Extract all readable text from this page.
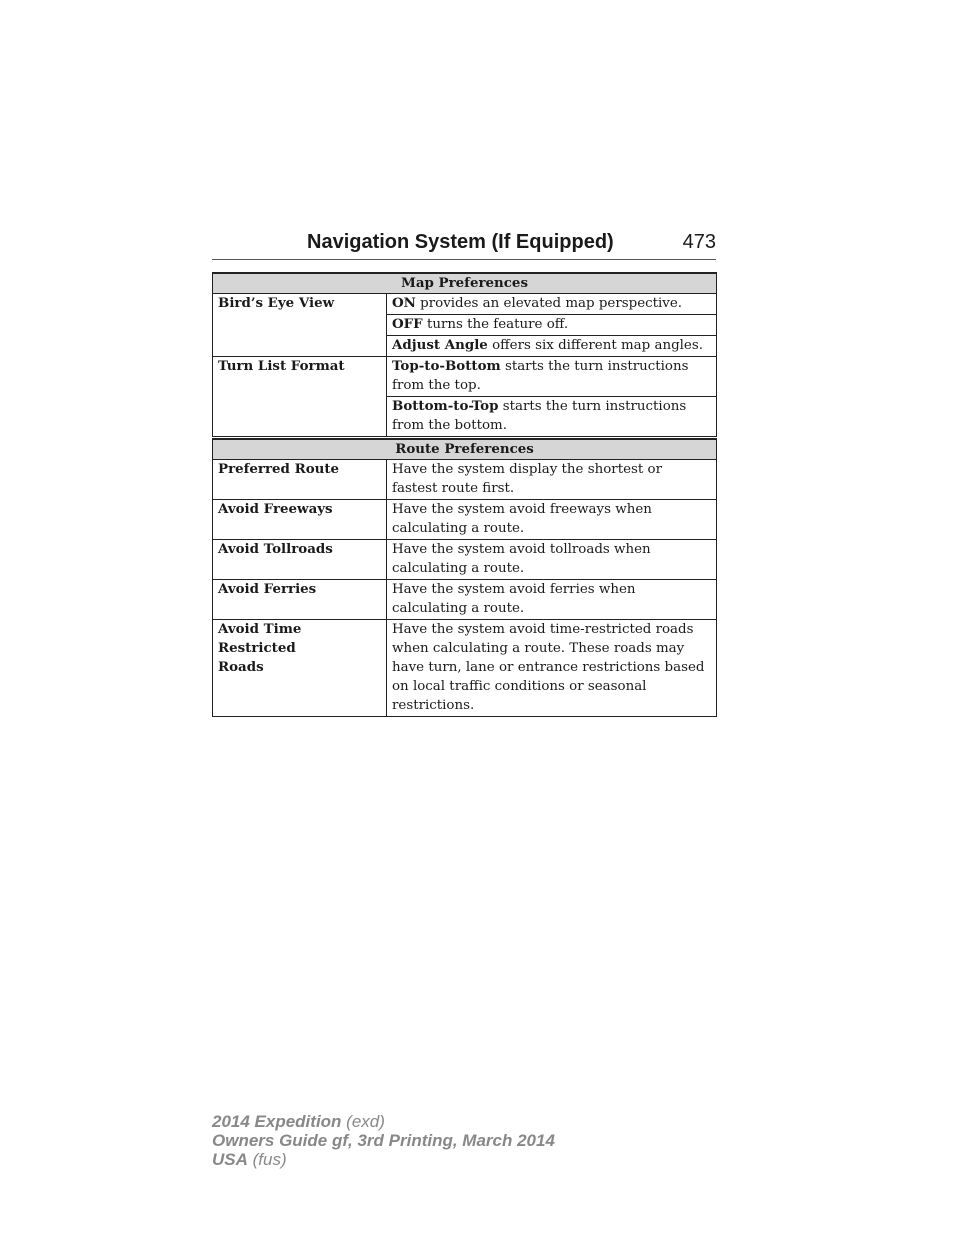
Navigation System (If Equipped)	473
Map Preferences	
Bird’s Eye View	ON provides an elevated map perspective.
	OFF turns the feature off.
	Adjust Angle offers six different map angles.
Turn List Format	Top-to-Bottom starts the turn instructions from the top.
	Bottom-to-Top starts the turn instructions from the bottom.
Route Preferences	
Preferred Route	Have the system display the shortest or fastest route first.
Avoid Freeways	Have the system avoid freeways when calculating a route.
Avoid Tollroads	Have the system avoid tollroads when calculating a route.
Avoid Ferries	Have the system avoid ferries when calculating a route.
Avoid Time Restricted Roads	Have the system avoid time-restricted roads when calculating a route. These roads may have turn, lane or entrance restrictions based on local traffic conditions or seasonal restrictions.
2014 Expedition (exd)
Owners Guide gf, 3rd Printing, March 2014
USA (fus)
